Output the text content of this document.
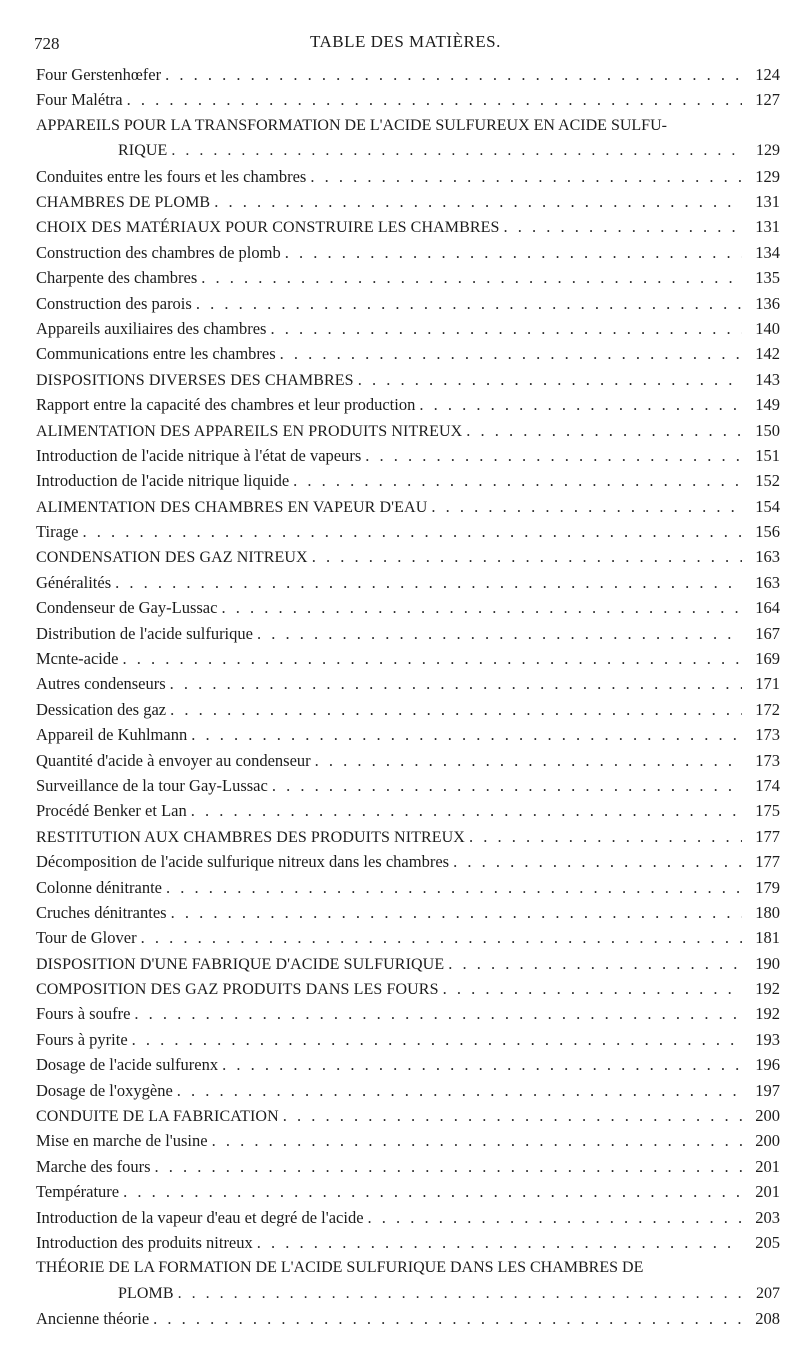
728	TABLE DES MATIÈRES.
Four Gerstenhœfer . . .	124
Four Malétra . . .	127
APPAREILS POUR LA TRANSFORMATION DE L'ACIDE SULFUREUX EN ACIDE SULFU-
RIQUE . . .	129
Conduites entre les fours et les chambres . . .	129
CHAMBRES DE PLOMB . . .	131
CHOIX DES MATÉRIAUX POUR CONSTRUIRE LES CHAMBRES . . .	131
Construction des chambres de plomb . . .	134
Charpente des chambres . . .	135
Construction des parois . . .	136
Appareils auxiliaires des chambres . . .	140
Communications entre les chambres . . .	142
DISPOSITIONS DIVERSES DES CHAMBRES . . .	143
Rapport entre la capacité des chambres et leur production . . .	149
ALIMENTATION DES APPAREILS EN PRODUITS NITREUX . . .	150
Introduction de l'acide nitrique à l'état de vapeurs . . .	151
Introduction de l'acide nitrique liquide . . .	152
ALIMENTATION DES CHAMBRES EN VAPEUR D'EAU . . .	154
Tirage . . .	156
CONDENSATION DES GAZ NITREUX . . .	163
Généralités . . .	163
Condenseur de Gay-Lussac . . .	164
Distribution de l'acide sulfurique . . .	167
Mcnte-acide . . .	169
Autres condenseurs . . .	171
Dessication des gaz . . .	172
Appareil de Kuhlmann . . .	173
Quantité d'acide à envoyer au condenseur . . .	173
Surveillance de la tour Gay-Lussac . . .	174
Procédé Benker et Lan . . .	175
RESTITUTION AUX CHAMBRES DES PRODUITS NITREUX . . .	177
Décomposition de l'acide sulfurique nitreux dans les chambres . . .	177
Colonne dénitrante . . .	179
Cruches dénitrantes . . .	180
Tour de Glover . . .	181
DISPOSITION D'UNE FABRIQUE D'ACIDE SULFURIQUE . . .	190
COMPOSITION DES GAZ PRODUITS DANS LES FOURS . . .	192
Fours à soufre . . .	192
Fours à pyrite . . .	193
Dosage de l'acide sulfurenx . . .	196
Dosage de l'oxygène . . .	197
CONDUITE DE LA FABRICATION . . .	200
Mise en marche de l'usine . . .	200
Marche des fours . . .	201
Température . . .	201
Introduction de la vapeur d'eau et degré de l'acide . . .	203
Introduction des produits nitreux . . .	205
THÉORIE DE LA FORMATION DE L'ACIDE SULFURIQUE DANS LES CHAMBRES DE
PLOMB . . .	207
Ancienne théorie . . .	208
